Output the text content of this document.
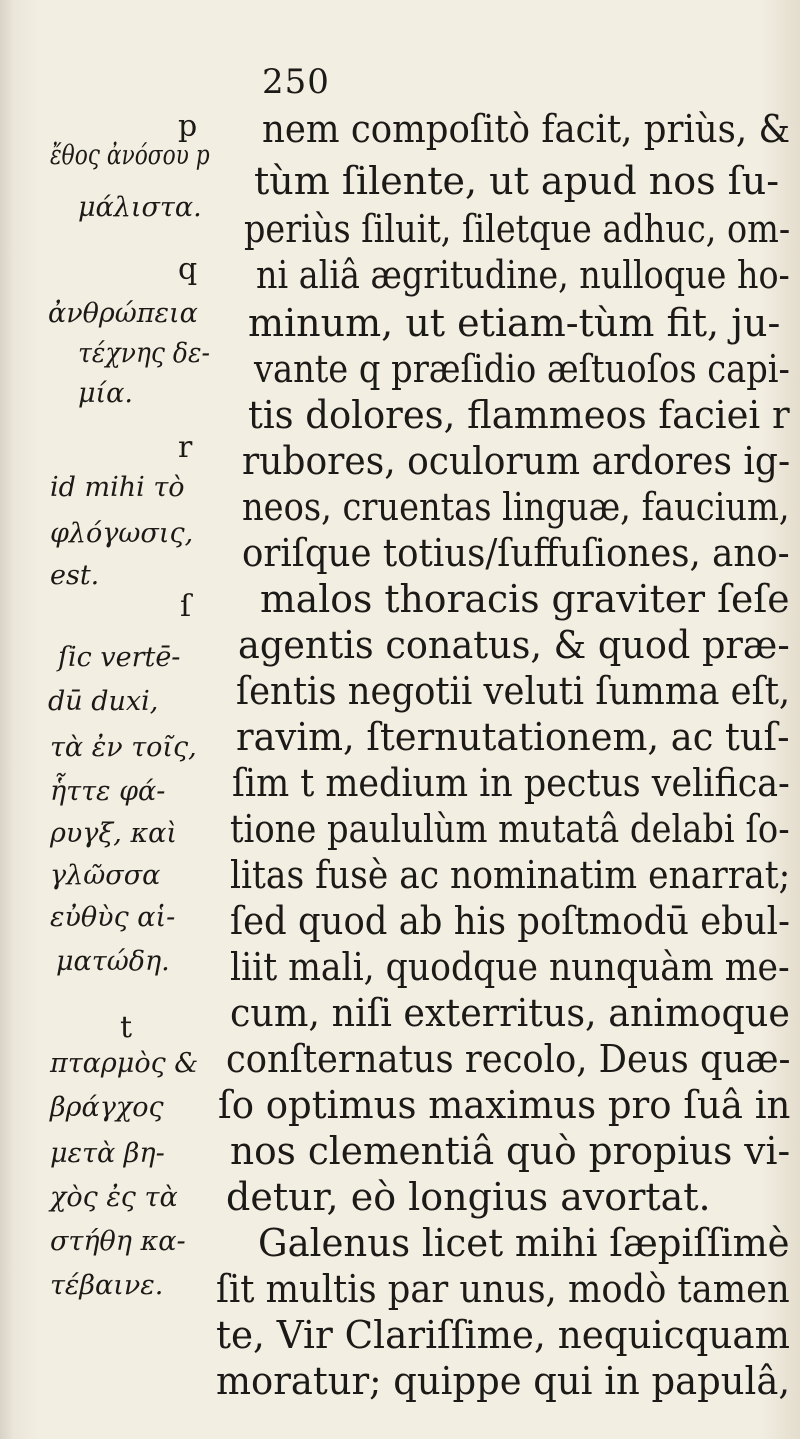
250
p
q
r
ſ
t
ἔθος ἀνόσου p
μάλιστα.
ἀνθρώπεια
τέχνης δε-
μία.
id mihi τὸ
φλόγωσις,
est.
ſic vertē-
dū duxi,
τὰ ἐν τοῖς,
ἧττε φά-
ρυγξ, καὶ
γλῶσσα
εὐθὺς αἱ-
ματώδη.
πταρμὸς &
βράγχος
μετὰ βη-
χὸς ἐς τὰ
στήθη κα-
τέβαινε.
nem compoſitò facit, priùs, &
tùm ſilente, ut apud nos ſu-
periùs ſiluit, ſiletque adhuc, om-
ni aliâ ægritudine, nulloque ho-
minum, ut etiam-tùm fit, ju-
vante q præſidio æſtuoſos capi-
tis dolores, flammeos faciei r
rubores, oculorum ardores ig-
neos, cruentas linguæ, faucium,
oriſque totius/ſuffuſiones, ano-
malos thoracis graviter ſeſe
agentis conatus, & quod præ-
ſentis negotii veluti ſumma eſt,
ravim, ſternutationem, ac tuſ-
ſim t medium in pectus velifica-
tione paululùm mutatâ delabi ſo-
litas fusè ac nominatim enarrat;
ſed quod ab his poſtmodū ebul-
liit mali, quodque nunquàm me-
cum, niſi exterritus, animoque
conſternatus recolo, Deus quæ-
ſo optimus maximus pro ſuâ in
nos clementiâ quò propius vi-
detur, eò longius avortat.
Galenus licet mihi ſæpiſſimè
ſit multis par unus, modò tamen
te, Vir Clariſſime, nequicquam
moratur; quippe qui in papulâ,
